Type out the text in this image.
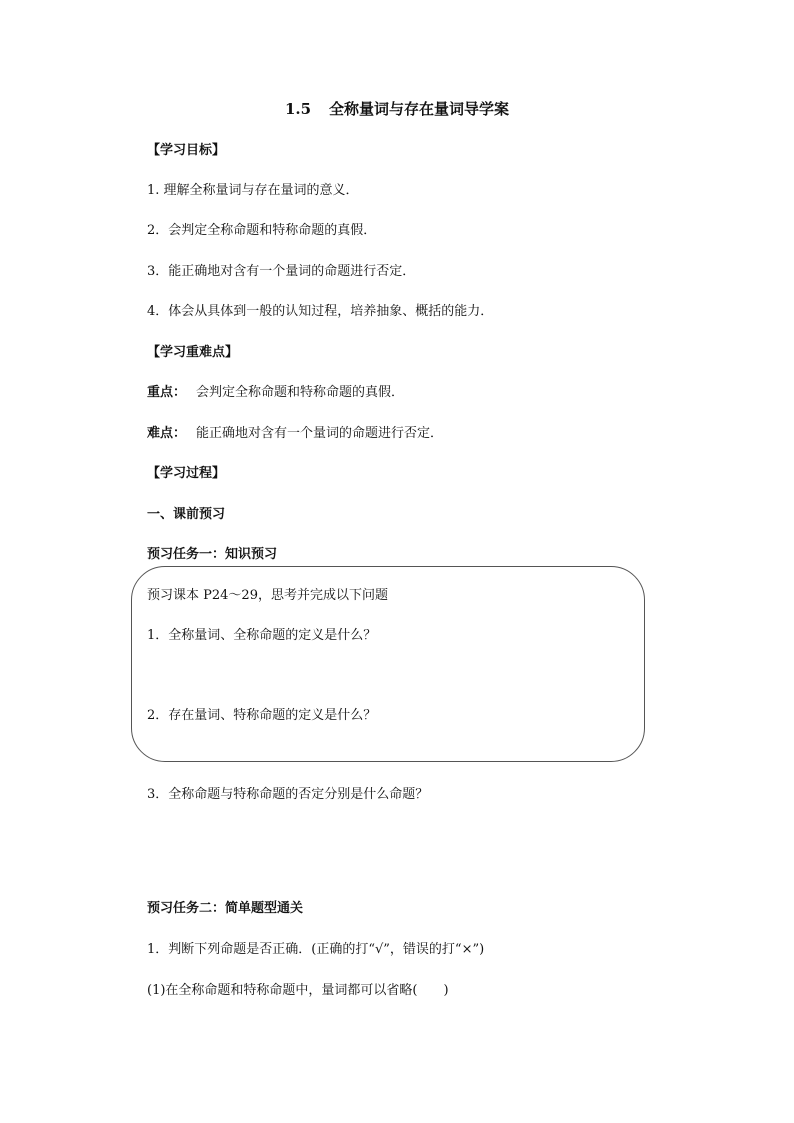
1.5 全称量词与存在量词导学案
【学习目标】
1. 理解全称量词与存在量词的意义．
2．会判定全称命题和特称命题的真假．
3．能正确地对含有一个量词的命题进行否定．
4．体会从具体到一般的认知过程，培养抽象、概括的能力．
【学习重难点】
重点： 会判定全称命题和特称命题的真假．
难点： 能正确地对含有一个量词的命题进行否定．
【学习过程】
一、课前预习
预习任务一：知识预习
预习课本 P24～29，思考并完成以下问题
1．全称量词、全称命题的定义是什么？
2．存在量词、特称命题的定义是什么？
3．全称命题与特称命题的否定分别是什么命题？
预习任务二：简单题型通关
1．判断下列命题是否正确．(正确的打“√”，错误的打“×”)
(1)在全称命题和特称命题中，量词都可以省略(　　)
